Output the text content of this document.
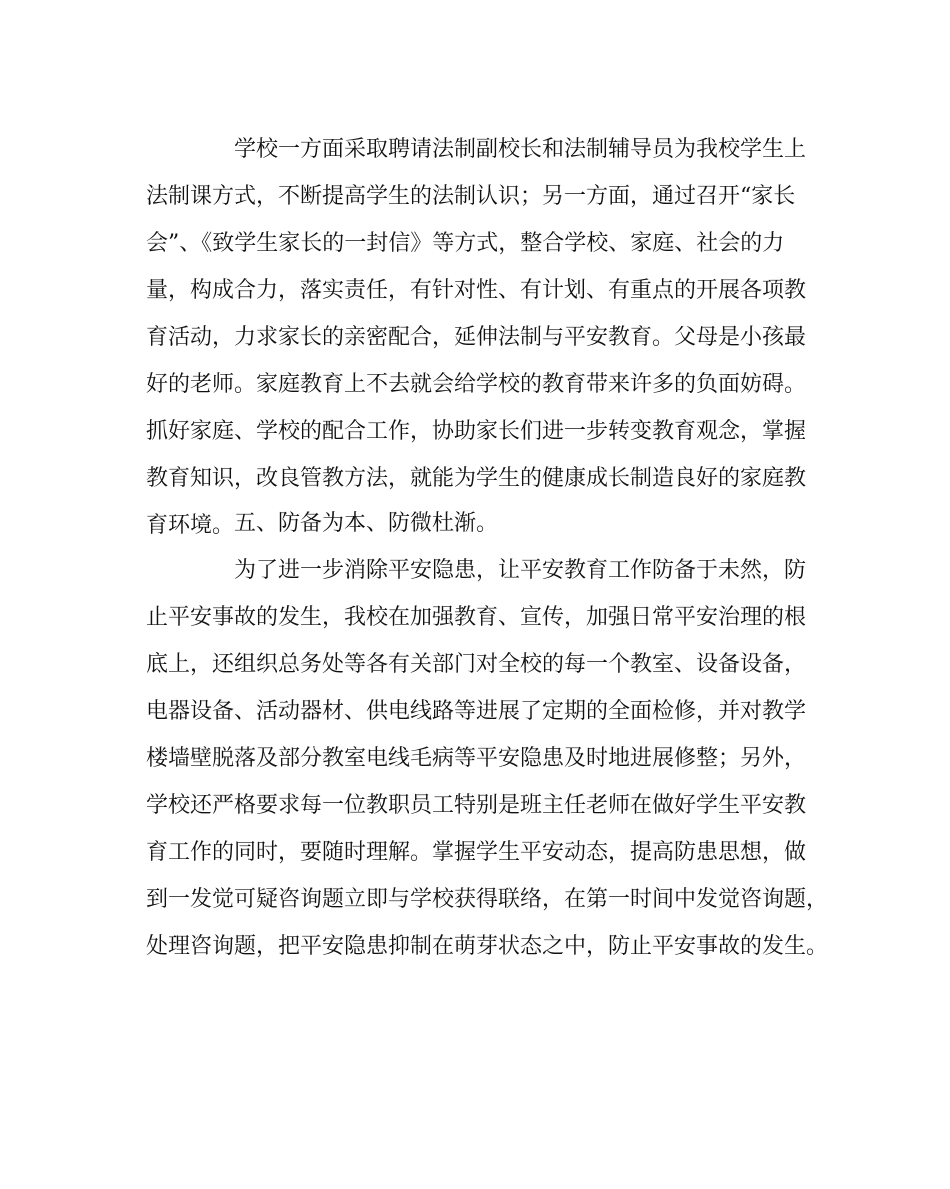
学校一方面采取聘请法制副校长和法制辅导员为我校学生上
法制课方式，不断提高学生的法制认识；另一方面，通过召开“家长
会”、《致学生家长的一封信》等方式，整合学校、家庭、社会的力
量，构成合力，落实责任，有针对性、有计划、有重点的开展各项教
育活动，力求家长的亲密配合，延伸法制与平安教育。父母是小孩最
好的老师。家庭教育上不去就会给学校的教育带来许多的负面妨碍。
抓好家庭、学校的配合工作，协助家长们进一步转变教育观念，掌握
教育知识，改良管教方法，就能为学生的健康成长制造良好的家庭教
育环境。 五、防备为本、防微杜渐。
为了进一步消除平安隐患，让平安教育工作防备于未然，防
止平安事故的发生，我校在加强教育、宣传，加强日常平安治理的根
底上，还组织总务处等各有关部门对全校的每一个教室、设备设备，
电器设备、活动器材、供电线路等进展了定期的全面检修，并对教学
楼墙壁脱落及部分教室电线毛病等平安隐患及时地进展修整；另外，
学校还严格要求每一位教职员工特别是班主任老师在做好学生平安教
育工作的同时，要随时理解。掌握学生平安动态，提高防患思想，做
到一发觉可疑咨询题立即与学校获得联络，在第一时间中发觉咨询题，
处理咨询题，把平安隐患抑制在萌芽状态之中，防止平安事故的发生。
